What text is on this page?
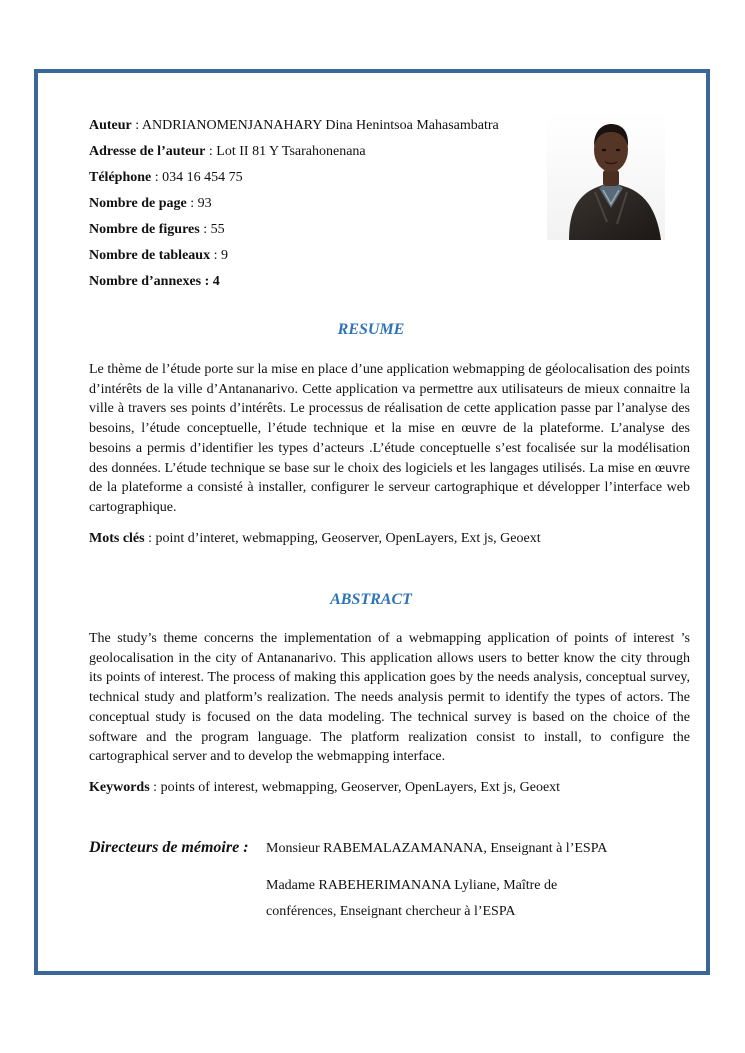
Auteur : ANDRIANOMENJANAHARY Dina Henintsoa Mahasambatra
Adresse de l’auteur : Lot II 81 Y Tsarahonenana
Téléphone : 034 16 454 75
Nombre de page : 93
Nombre de figures : 55
Nombre de tableaux : 9
Nombre d’annexes : 4
RESUME
Le thème de l’étude porte sur la mise en place d’une application webmapping de géolocalisation des points d’intérêts de la ville d’Antananarivo. Cette application va permettre aux utilisateurs de mieux connaitre la ville à travers ses points d’intérêts. Le processus de réalisation de cette application passe par l’analyse des besoins, l’étude conceptuelle, l’étude technique et la mise en œuvre de la plateforme. L’analyse des besoins a permis d’identifier les types d’acteurs .L’étude conceptuelle s’est focalisée sur la modélisation des données. L’étude technique se base sur le choix des logiciels et les langages utilisés. La mise en œuvre de la plateforme a consisté à installer, configurer le serveur cartographique et développer l’interface web cartographique.
Mots clés : point d’interet, webmapping, Geoserver, OpenLayers, Ext js, Geoext
ABSTRACT
The study’s theme concerns the implementation of a webmapping application of points of interest ’s geolocalisation in the city of Antananarivo. This application allows users to better know the city through its points of interest. The process of making this application goes by the needs analysis, conceptual survey, technical study and platform’s realization. The needs analysis permit to identify the types of actors. The conceptual study is focused on the data modeling. The technical survey is based on the choice of the software and the program language. The platform realization consist to install, to configure the cartographical server and to develop the webmapping interface.
Keywords : points of interest, webmapping, Geoserver, OpenLayers, Ext js, Geoext
Directeurs de mémoire : Monsieur RABEMALAZAMANANA, Enseignant à l’ESPA
Madame RABEHERIMANANA Lyliane, Maître de
conférences, Enseignant chercheur à l’ESPA
